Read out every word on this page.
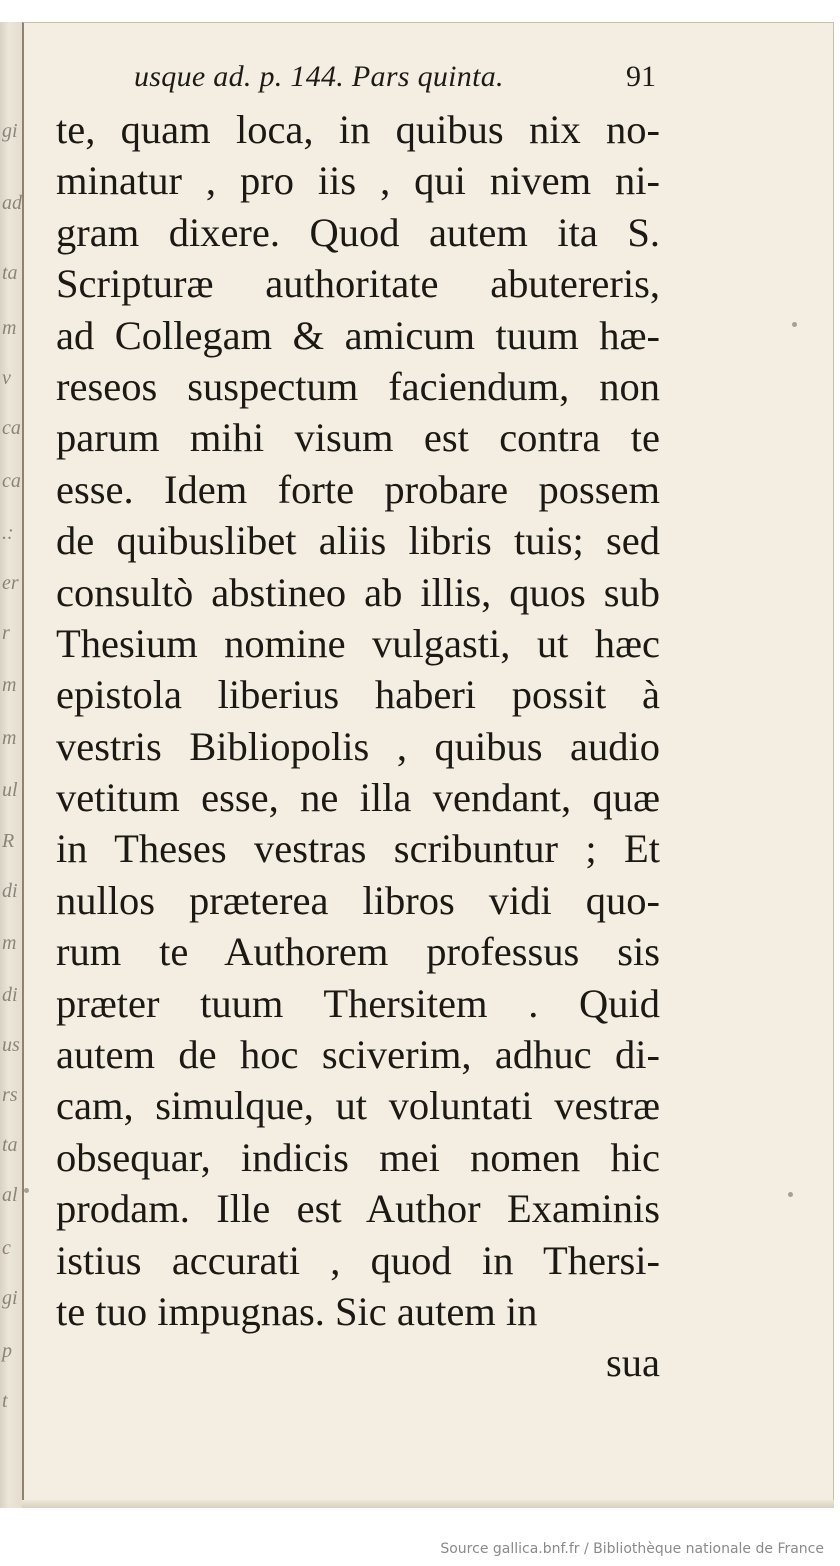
gi
ad
ta
m
v
ca
ca
.:
er
r
m
m
ul
R
di
m
di
us
rs
ta
al
c
gi
p
t
usque ad. p. 144. Pars quinta.	91
te, quam loca, in quibus nix no-
minatur , pro iis , qui nivem ni-
gram dixere. Quod autem ita S.
Scripturæ authoritate abutereris,
ad Collegam & amicum tuum hæ-
reseos suspectum faciendum, non
parum mihi visum est contra te
esse. Idem forte probare possem
de quibuslibet aliis libris tuis; sed
consultò abstineo ab illis, quos sub
Thesium nomine vulgasti, ut hæc
epistola liberius haberi possit à
vestris Bibliopolis , quibus audio
vetitum esse, ne illa vendant, quæ
in Theses vestras scribuntur ; Et
nullos præterea libros vidi quo-
rum te Authorem professus sis
præter tuum Thersitem . Quid
autem de hoc sciverim, adhuc di-
cam, simulque, ut voluntati vestræ
obsequar, indicis mei nomen hic
prodam. Ille est Author Examinis
istius accurati , quod in Thersi-
te tuo impugnas. Sic autem in
sua
Source gallica.bnf.fr / Bibliothèque nationale de France
